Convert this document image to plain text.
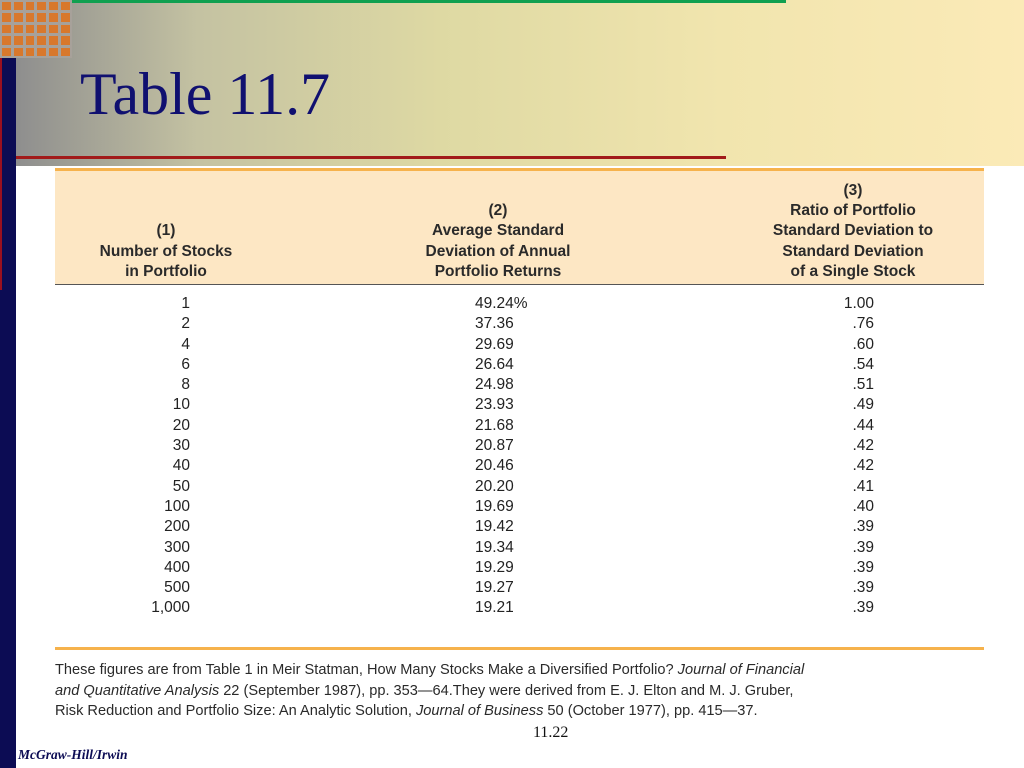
Table 11.7
(1)
Number of Stocks
in Portfolio
(2)
Average Standard
Deviation of Annual
Portfolio Returns
(3)
Ratio of Portfolio
Standard Deviation to
Standard Deviation
of a Single Stock
1	49.24%	1.00
2	37.36	.76
4	29.69	.60
6	26.64	.54
8	24.98	.51
10	23.93	.49
20	21.68	.44
30	20.87	.42
40	20.46	.42
50	20.20	.41
100	19.69	.40
200	19.42	.39
300	19.34	.39
400	19.29	.39
500	19.27	.39
1,000	19.21	.39
These figures are from Table 1 in Meir Statman, How Many Stocks Make a Diversified Portfolio? Journal of Financial
and Quantitative Analysis 22 (September 1987), pp. 353—64.They were derived from E. J. Elton and M. J. Gruber,
Risk Reduction and Portfolio Size: An Analytic Solution, Journal of Business 50 (October 1977), pp. 415—37.
11.22
McGraw-Hill/Irwin
